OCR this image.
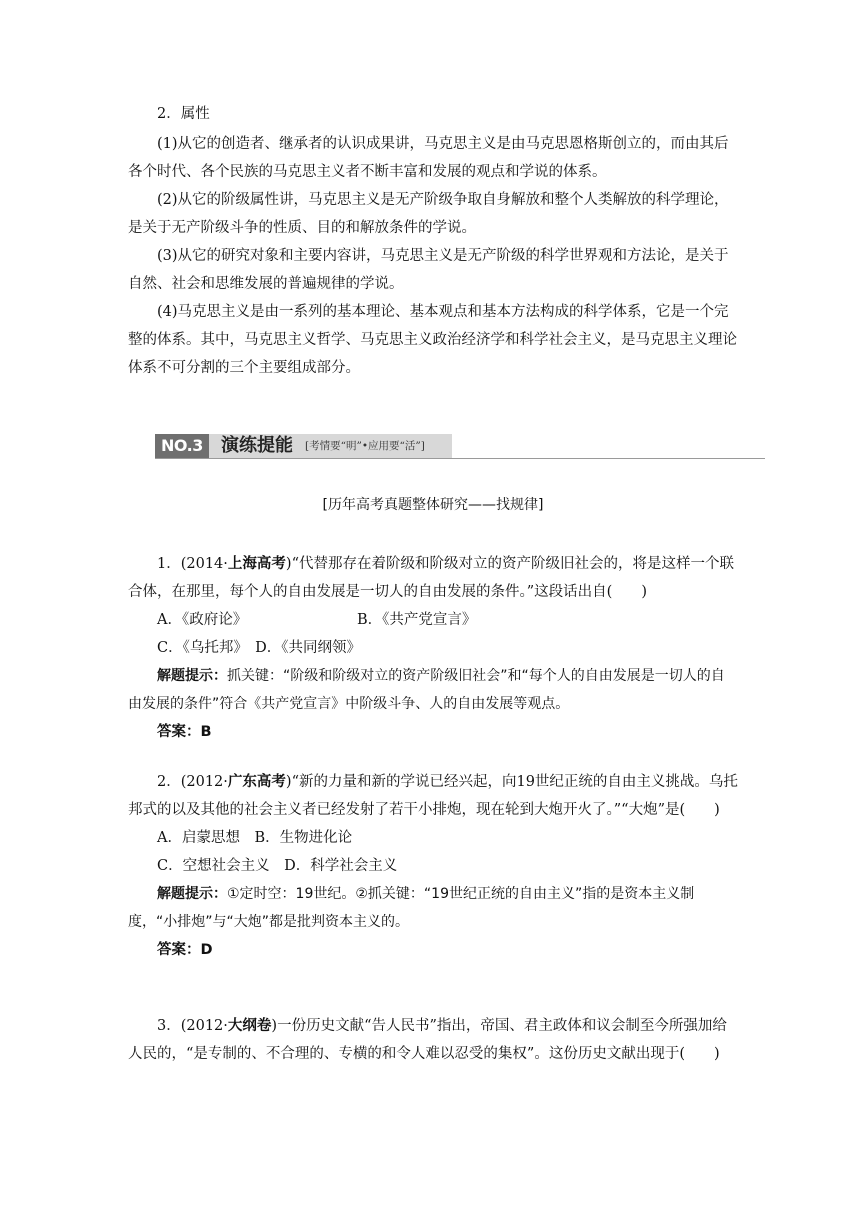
2．属性

(1)从它的创造者、继承者的认识成果讲，马克思主义是由马克思恩格斯创立的，而由其后各个时代、各个民族的马克思主义者不断丰富和发展的观点和学说的体系。

(2)从它的阶级属性讲，马克思主义是无产阶级争取自身解放和整个人类解放的科学理论，是关于无产阶级斗争的性质、目的和解放条件的学说。

(3)从它的研究对象和主要内容讲，马克思主义是无产阶级的科学世界观和方法论，是关于自然、社会和思维发展的普遍规律的学说。

(4)马克思主义是由一系列的基本理论、基本观点和基本方法构成的科学体系，它是一个完整的体系。其中，马克思主义哲学、马克思主义政治经济学和科学社会主义，是马克思主义理论体系不可分割的三个主要组成部分。

NO.3	演练提能 [考情要“明”•应用要“活”]
[历年高考真题整体研究——找规律]

1．(2014·上海高考)“代替那存在着阶级和阶级对立的资产阶级旧社会的，将是这样一个联合体，在那里，每个人的自由发展是一切人的自由发展的条件。”这段话出自(　　)

A．《政府论》	B．《共产党宣言》

C．《乌托邦》　D．《共同纲领》

解题提示：抓关键：“阶级和阶级对立的资产阶级旧社会”和“每个人的自由发展是一切人的自由发展的条件”符合《共产党宣言》中阶级斗争、人的自由发展等观点。

答案：B

2．(2012·广东高考)“新的力量和新的学说已经兴起，向19世纪正统的自由主义挑战。乌托邦式的以及其他的社会主义者已经发射了若干小排炮，现在轮到大炮开火了。”“大炮”是(　　)

A．启蒙思想　B．生物进化论

C．空想社会主义　D．科学社会主义

解题提示：①定时空：19世纪。②抓关键：“19世纪正统的自由主义”指的是资本主义制度，“小排炮”与“大炮”都是批判资本主义的。

答案：D

3．(2012·大纲卷)一份历史文献“告人民书”指出，帝国、君主政体和议会制至今所强加给人民的，“是专制的、不合理的、专横的和令人难以忍受的集权”。这份历史文献出现于(　　)
